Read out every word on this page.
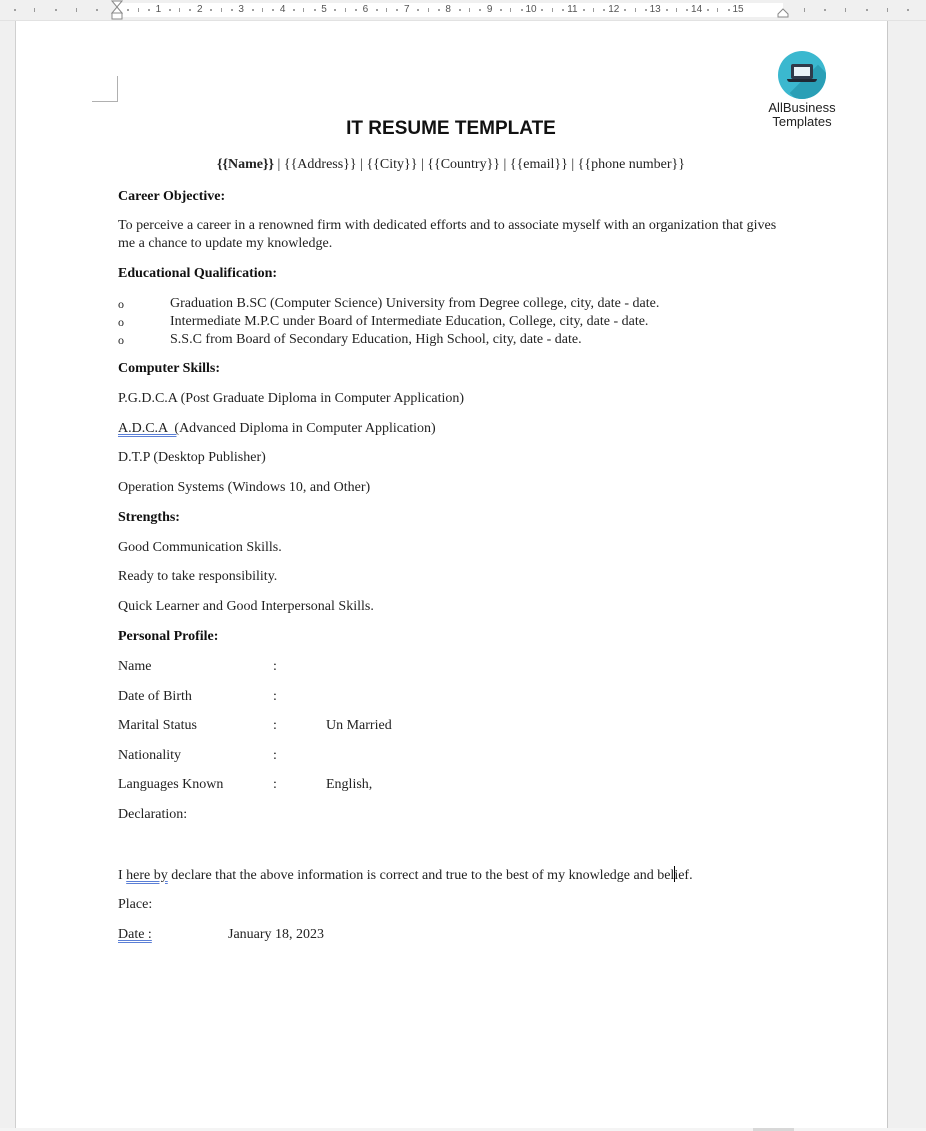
1	2	3	4	5	6	7	8	9	10	11	12	13	14	15
AllBusiness
Templates
IT RESUME TEMPLATE
{{Name}} | {{Address}} | {{City}} | {{Country}} | {{email}} | {{phone number}}
Career Objective:
To perceive a career in a renowned firm with dedicated efforts and to associate myself with an organization that gives me a chance to update my knowledge.
Educational Qualification:
o	Graduation B.SC (Computer Science) University from Degree college, city, date - date.
o	Intermediate M.P.C under Board of Intermediate Education, College, city, date - date.
o	S.S.C from Board of Secondary Education, High School, city, date - date.
Computer Skills:
P.G.D.C.A (Post Graduate Diploma in Computer Application)
A.D.C.A  (Advanced Diploma in Computer Application)
D.T.P (Desktop Publisher)
Operation Systems (Windows 10, and Other)
Strengths:
Good Communication Skills.
Ready to take responsibility.
Quick Learner and Good Interpersonal Skills.
Personal Profile:
Name	:
Date of Birth	:
Marital Status	:	Un Married
Nationality	:
Languages Known	:	English,
Declaration:
I here by declare that the above information is correct and true to the best of my knowledge and belief.
Place:
Date :	January 18, 2023
